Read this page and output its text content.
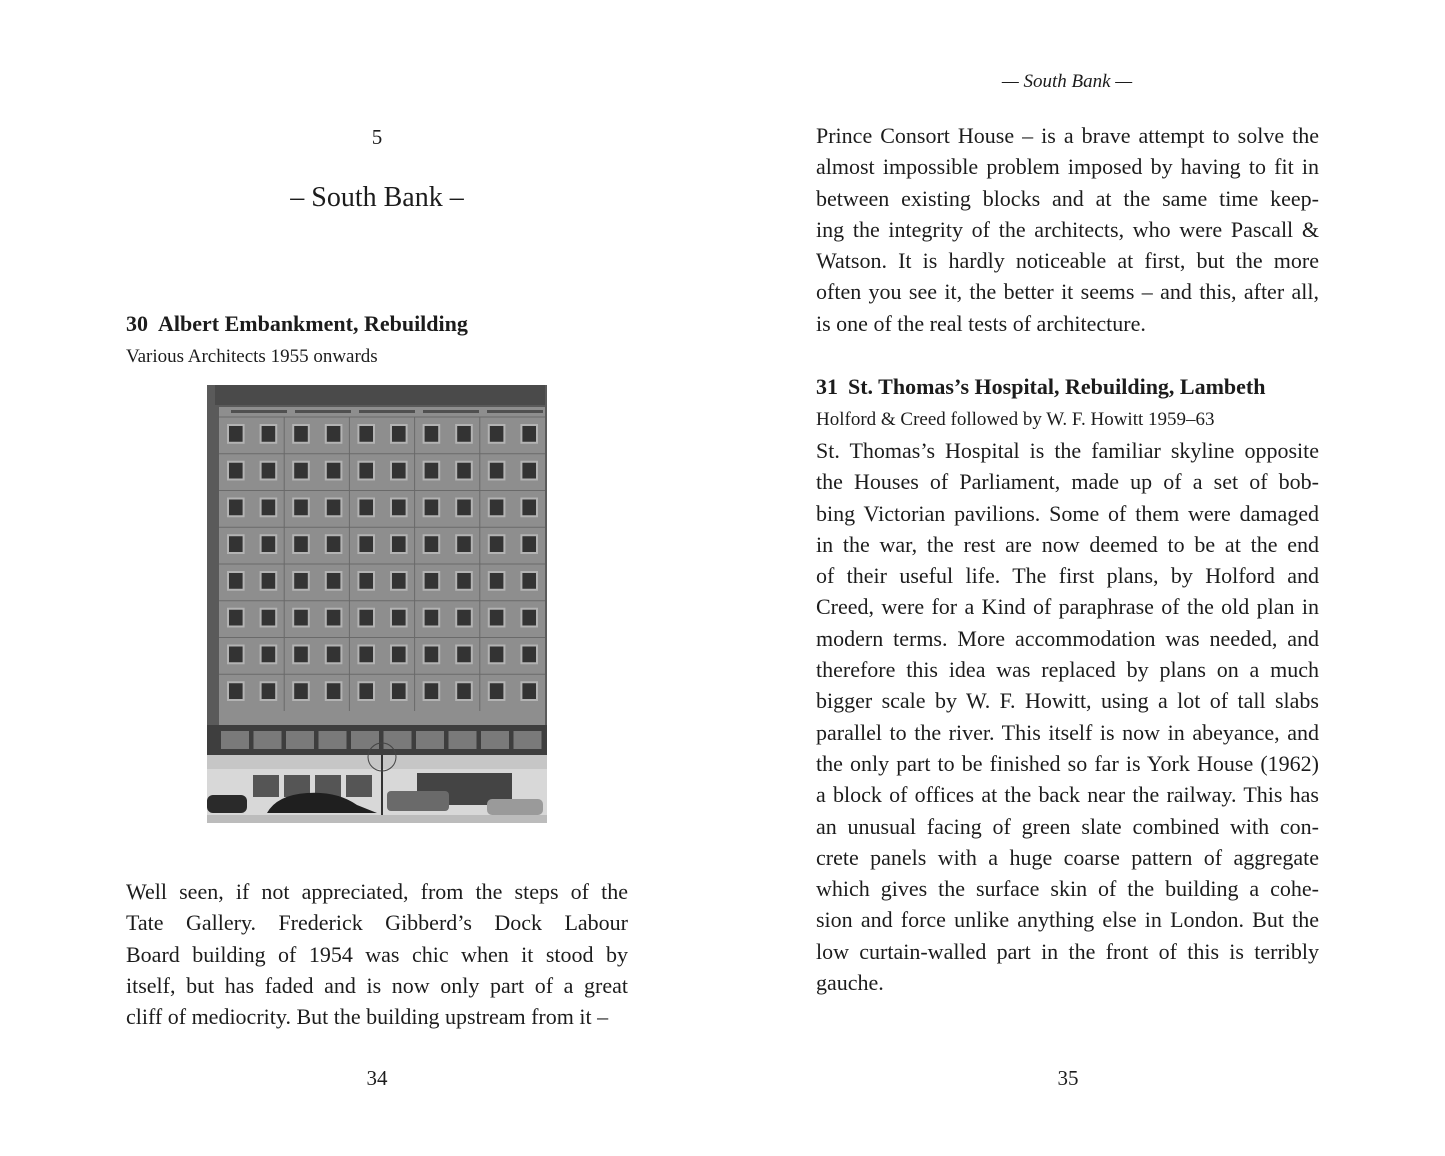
5
– South Bank –
30 Albert Embankment, Rebuilding
Various Architects 1955 onwards
Well seen, if not appreciated, from the steps of the
Tate Gallery. Frederick Gibberd’s Dock Labour
Board building of 1954 was chic when it stood by
itself, but has faded and is now only part of a great
cliff of mediocrity. But the building upstream from it –
34
— South Bank —
Prince Consort House – is a brave attempt to solve the
almost impossible problem imposed by having to fit in
between existing blocks and at the same time keep-
ing the integrity of the architects, who were Pascall &
Watson. It is hardly noticeable at first, but the more
often you see it, the better it seems – and this, after all,
is one of the real tests of architecture.
31 St. Thomas’s Hospital, Rebuilding, Lambeth
Holford & Creed followed by W. F. Howitt 1959–63
St. Thomas’s Hospital is the familiar skyline opposite
the Houses of Parliament, made up of a set of bob-
bing Victorian pavilions. Some of them were damaged
in the war, the rest are now deemed to be at the end
of their useful life. The first plans, by Holford and
Creed, were for a Kind of paraphrase of the old plan in
modern terms. More accommodation was needed, and
therefore this idea was replaced by plans on a much
bigger scale by W. F. Howitt, using a lot of tall slabs
parallel to the river. This itself is now in abeyance, and
the only part to be finished so far is York House (1962)
a block of offices at the back near the railway. This has
an unusual facing of green slate combined with con-
crete panels with a huge coarse pattern of aggregate
which gives the surface skin of the building a cohe-
sion and force unlike anything else in London. But the
low curtain-walled part in the front of this is terribly
gauche.
35
